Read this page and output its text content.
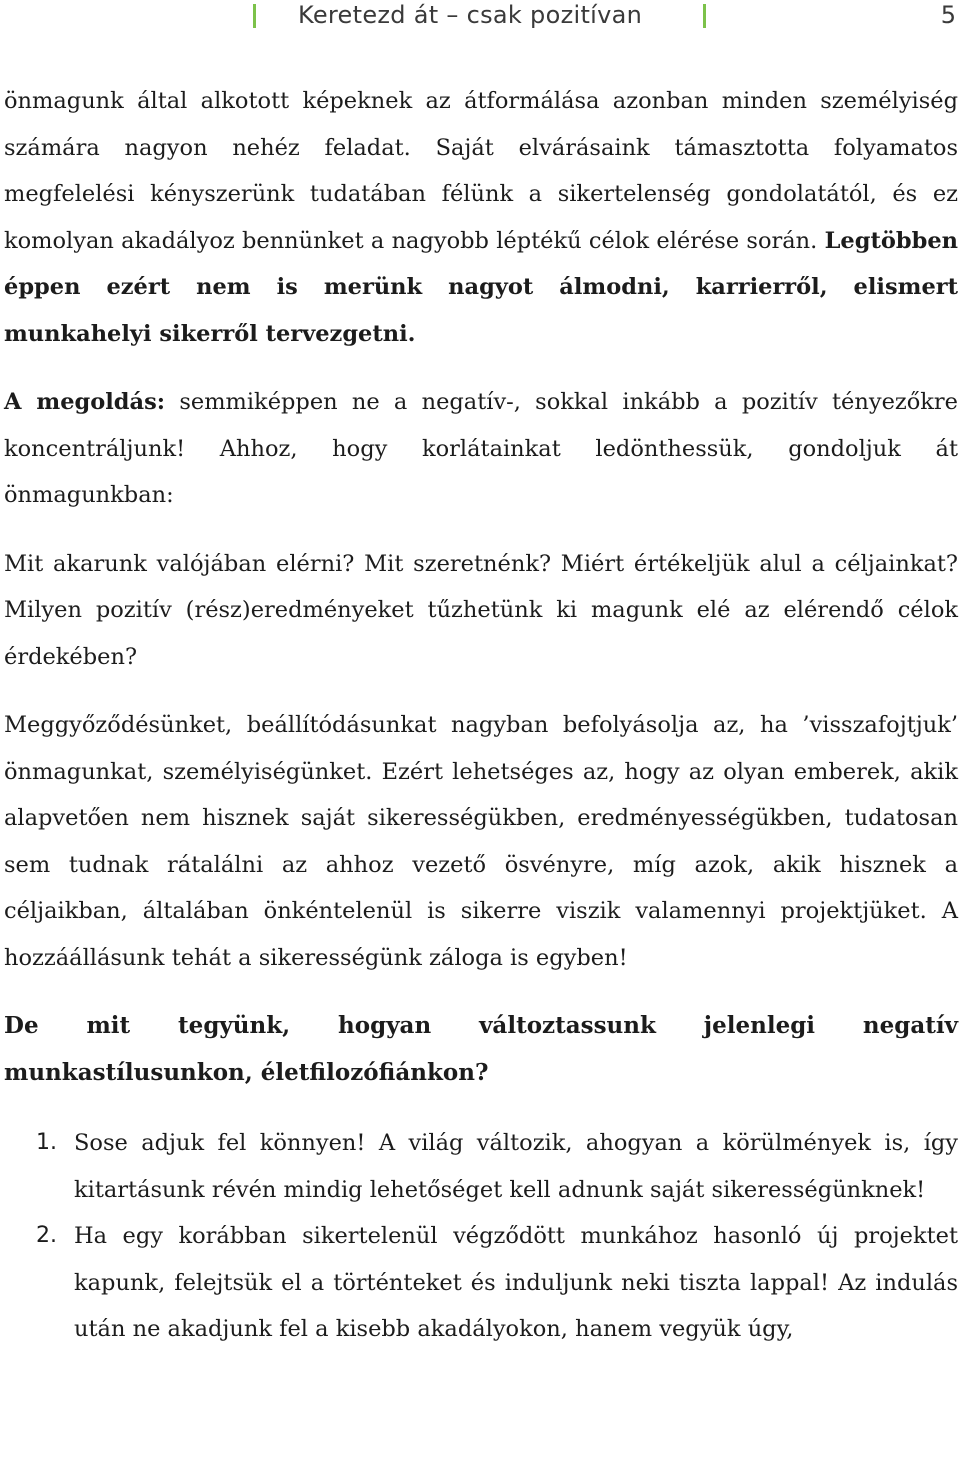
Keretezd át – csak pozitívan	5

önmagunk által alkotott képeknek az átformálása azonban minden személyiség számára nagyon nehéz feladat. Saját elvárásaink támasztotta folyamatos megfelelési kényszerünk tudatában félünk a sikertelenség gondolatától, és ez komolyan akadályoz bennünket a nagyobb léptékű célok elérése során. Legtöbben éppen ezért nem is merünk nagyot álmodni, karrierről, elismert munkahelyi sikerről tervezgetni.

A megoldás: semmiképpen ne a negatív-, sokkal inkább a pozitív tényezőkre koncentráljunk! Ahhoz, hogy korlátainkat ledönthessük, gondoljuk át önmagunkban:

Mit akarunk valójában elérni? Mit szeretnénk? Miért értékeljük alul a céljainkat? Milyen pozitív (rész)eredményeket tűzhetünk ki magunk elé az elérendő célok érdekében?

Meggyőződésünket, beállítódásunkat nagyban befolyásolja az, ha ’visszafojtjuk’ önmagunkat, személyiségünket. Ezért lehetséges az, hogy az olyan emberek, akik alapvetően nem hisznek saját sikerességükben, eredményességükben, tudatosan sem tudnak rátalálni az ahhoz vezető ösvényre, míg azok, akik hisznek a céljaikban, általában önkéntelenül is sikerre viszik valamennyi projektjüket. A hozzáállásunk tehát a sikerességünk záloga is egyben!

De mit tegyünk, hogyan változtassunk jelenlegi negatív munkastílusunkon, életfilozófiánkon?

1. Sose adjuk fel könnyen! A világ változik, ahogyan a körülmények is, így kitartásunk révén mindig lehetőséget kell adnunk saját sikerességünknek!
2. Ha egy korábban sikertelenül végződött munkához hasonló új projektet kapunk, felejtsük el a történteket és induljunk neki tiszta lappal! Az indulás után ne akadjunk fel a kisebb akadályokon, hanem vegyük úgy,
